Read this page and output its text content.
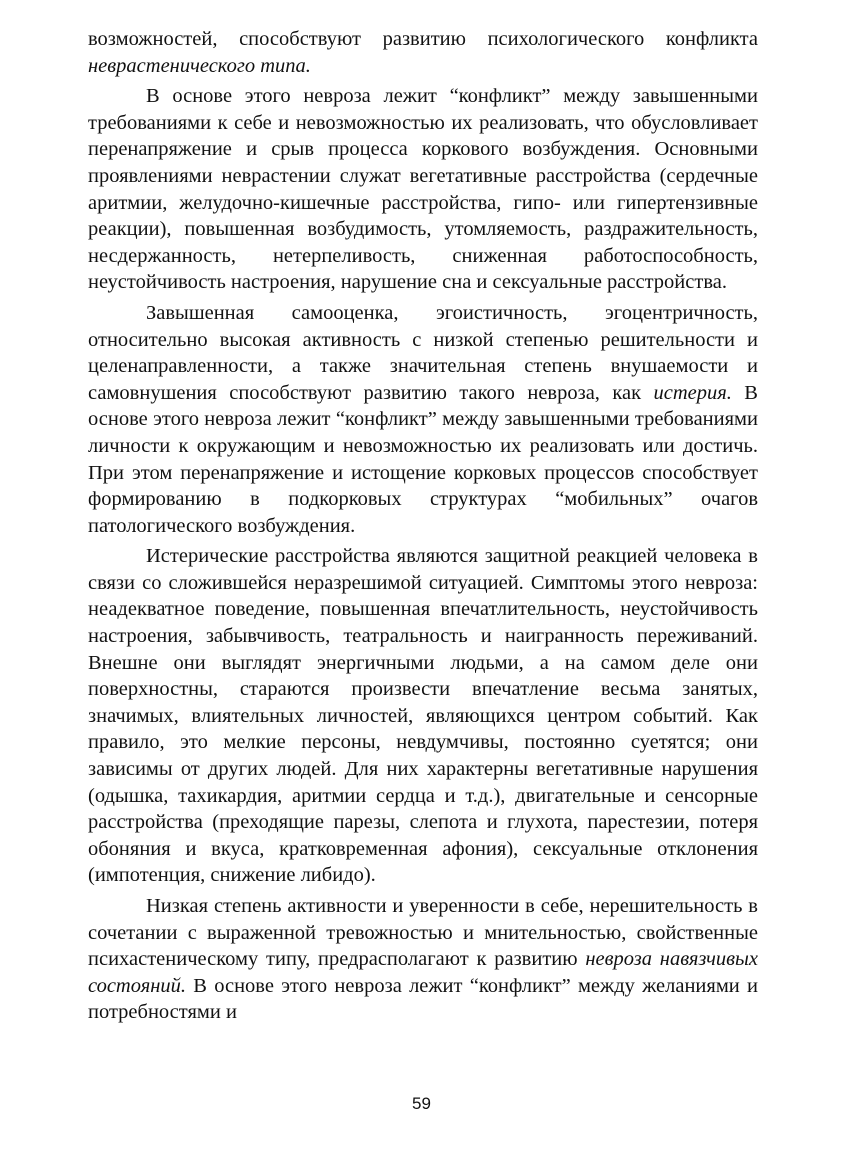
возможностей, способствуют развитию психологического конфликта неврастенического типа.

В основе этого невроза лежит “конфликт” между завышенными требованиями к себе и невозможностью их реализовать, что обусловливает перенапряжение и срыв процесса коркового возбуждения. Основными проявлениями неврастении служат вегетативные расстройства (сердечные аритмии, желудочно-кишечные расстройства, гипо- или гипертензивные реакции), повышенная возбудимость, утомляемость, раздражительность, несдержанность, нетерпеливость, сниженная работоспособность, неустойчивость настроения, нарушение сна и сексуальные расстройства.

Завышенная самооценка, эгоистичность, эгоцентричность, относительно высокая активность с низкой степенью решительности и целенаправленности, а также значительная степень внушаемости и самовнушения способствуют развитию такого невроза, как истерия. В основе этого невроза лежит “конфликт” между завышенными требованиями личности к окружающим и невозможностью их реализовать или достичь. При этом перенапряжение и истощение корковых процессов способствует формированию в подкорковых структурах “мобильных” очагов патологического возбуждения.

Истерические расстройства являются защитной реакцией человека в связи со сложившейся неразрешимой ситуацией. Симптомы этого невроза: неадекватное поведение, повышенная впечатлительность, неустойчивость настроения, забывчивость, театральность и наигранность переживаний. Внешне они выглядят энергичными людьми, а на самом деле они поверхностны, стараются произвести впечатление весьма занятых, значимых, влиятельных личностей, являющихся центром событий. Как правило, это мелкие персоны, невдумчивы, постоянно суетятся; они зависимы от других людей. Для них характерны вегетативные нарушения (одышка, тахикардия, аритмии сердца и т.д.), двигательные и сенсорные расстройства (преходящие парезы, слепота и глухота, парестезии, потеря обоняния и вкуса, кратковременная афония), сексуальные отклонения (импотенция, снижение либидо).

Низкая степень активности и уверенности в себе, нерешительность в сочетании с выраженной тревожностью и мнительностью, свойственные психастеническому типу, предрасполагают к развитию невроза навязчивых состояний. В основе этого невроза лежит “конфликт” между желаниями и потребностями и

59
